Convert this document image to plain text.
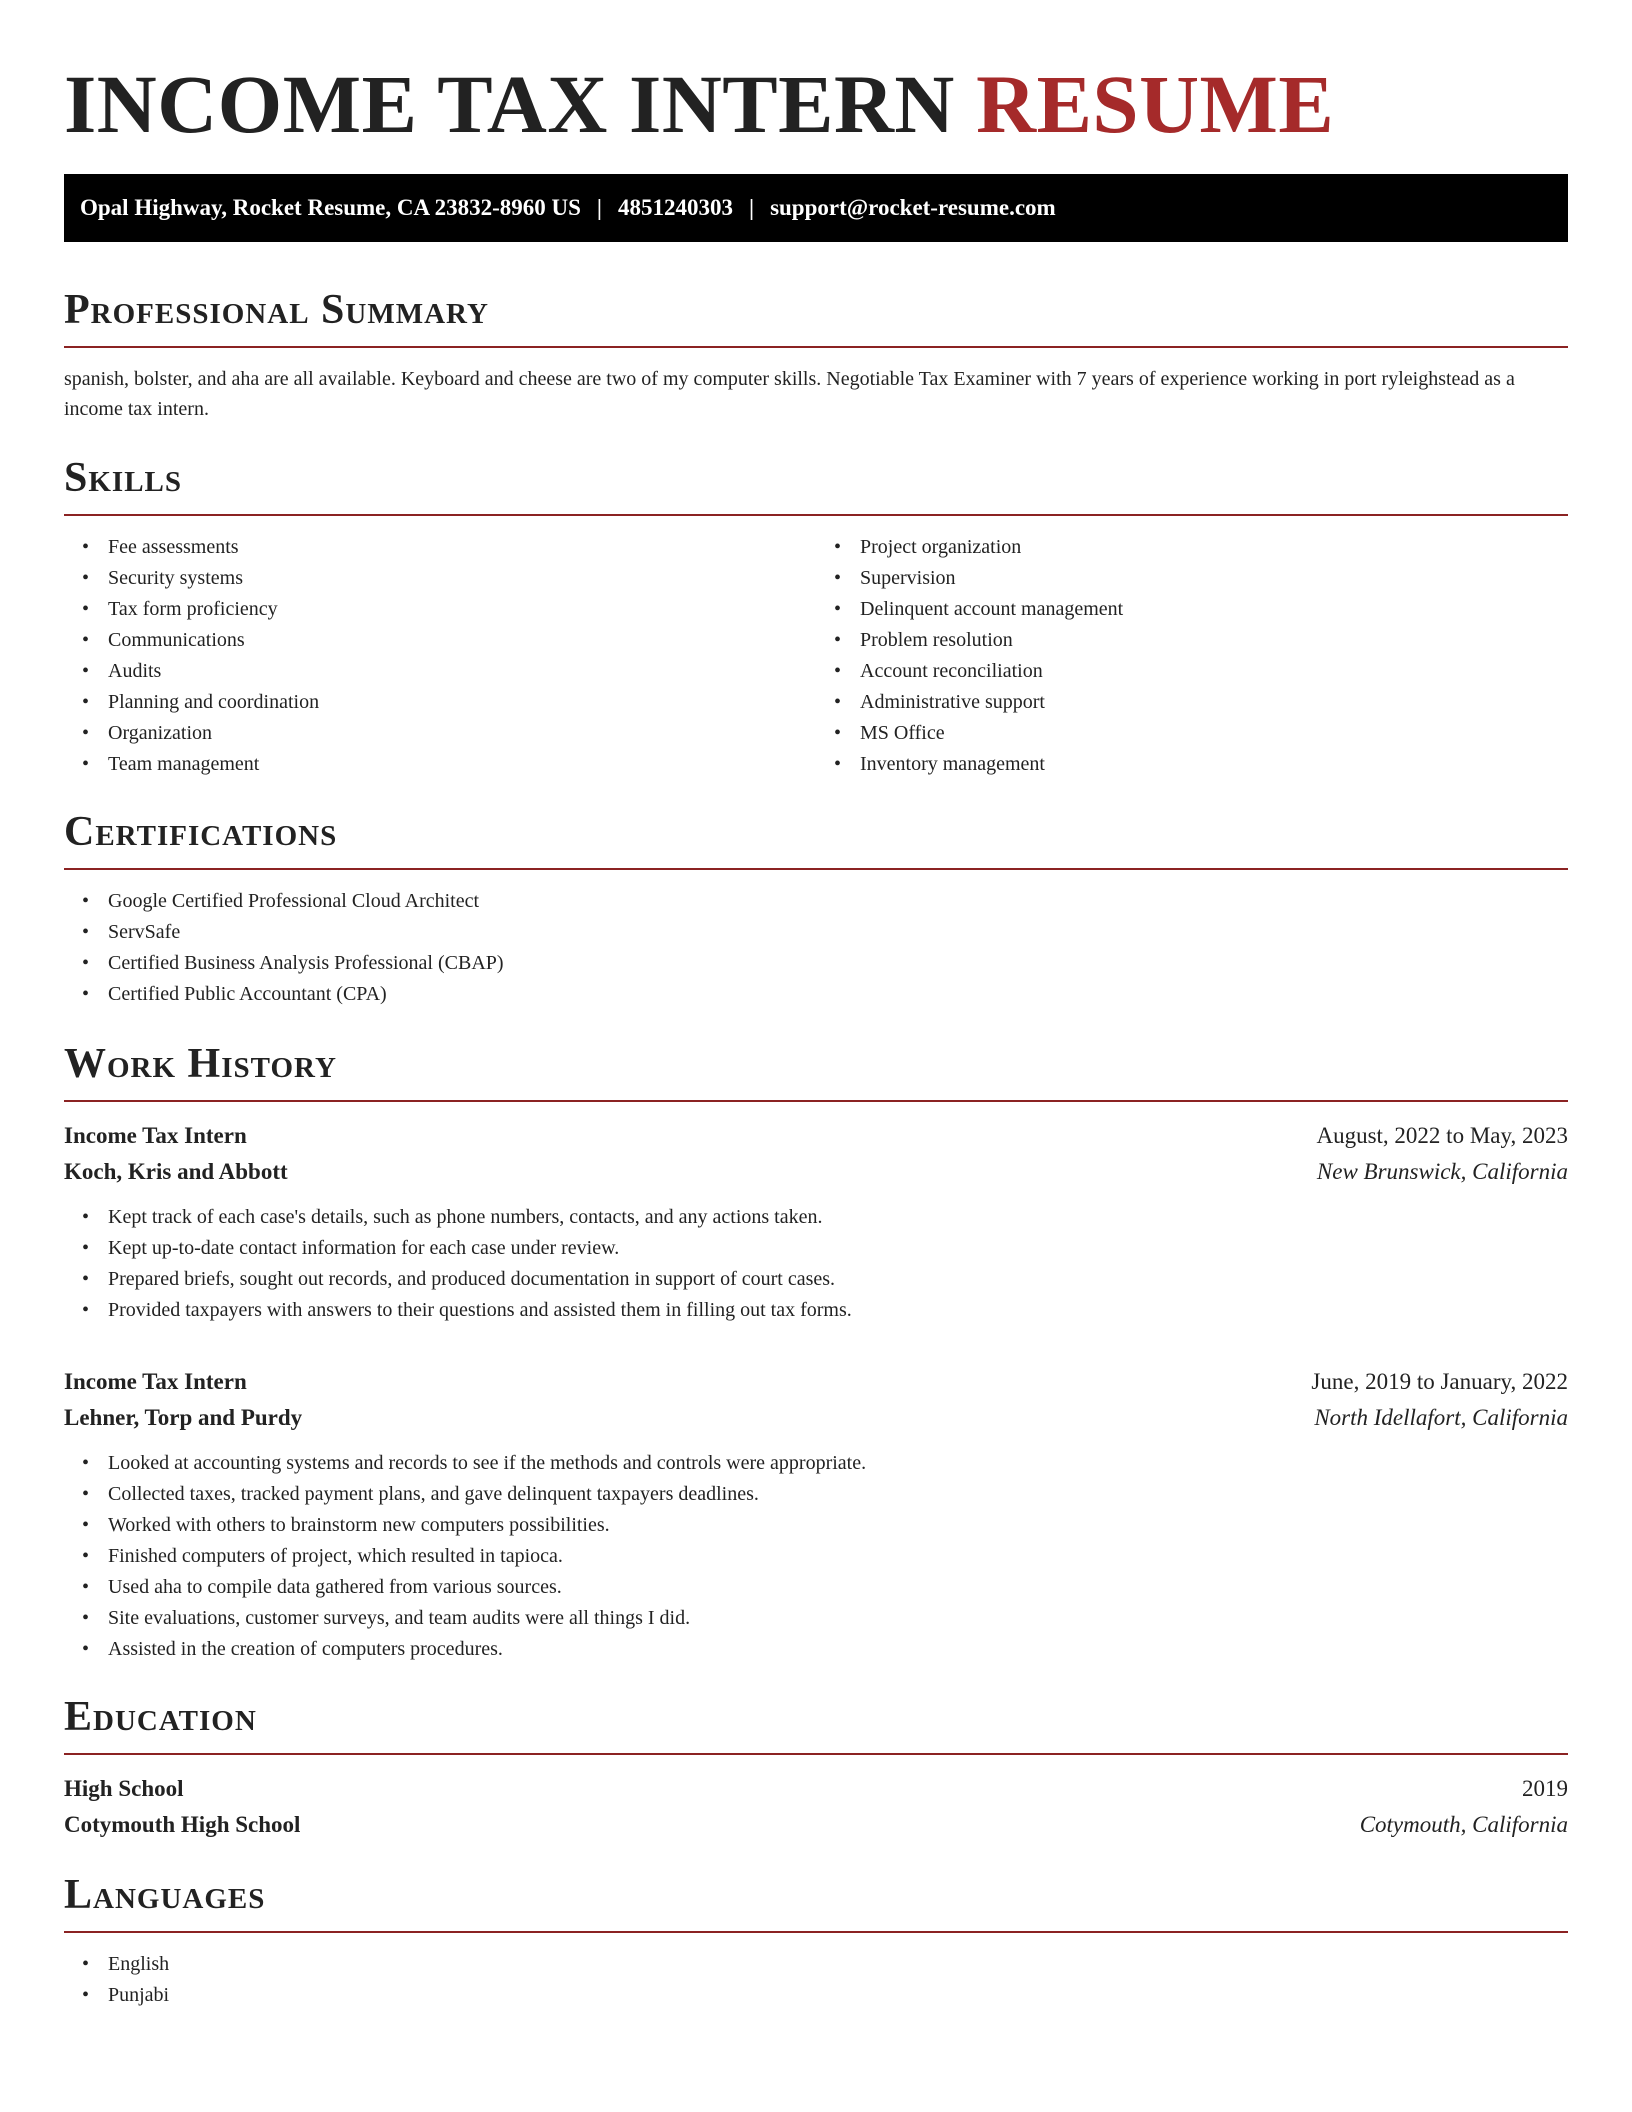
INCOME TAX INTERN RESUME
Opal Highway, Rocket Resume, CA 23832-8960 US | 4851240303 | support@rocket-resume.com
Professional Summary

spanish, bolster, and aha are all available. Keyboard and cheese are two of my computer skills. Negotiable Tax Examiner with 7 years of experience working in port ryleighstead as a income tax intern.

Skills
• Fee assessments
• Security systems
• Tax form proficiency
• Communications
• Audits
• Planning and coordination
• Organization
• Team management
• Project organization
• Supervision
• Delinquent account management
• Problem resolution
• Account reconciliation
• Administrative support
• MS Office
• Inventory management
Certifications
• Google Certified Professional Cloud Architect
• ServSafe
• Certified Business Analysis Professional (CBAP)
• Certified Public Accountant (CPA)
Work History
Income Tax Intern	August, 2022 to May, 2023
Koch, Kris and Abbott	New Brunswick, California
• Kept track of each case's details, such as phone numbers, contacts, and any actions taken.
• Kept up-to-date contact information for each case under review.
• Prepared briefs, sought out records, and produced documentation in support of court cases.
• Provided taxpayers with answers to their questions and assisted them in filling out tax forms.
Income Tax Intern	June, 2019 to January, 2022
Lehner, Torp and Purdy	North Idellafort, California
• Looked at accounting systems and records to see if the methods and controls were appropriate.
• Collected taxes, tracked payment plans, and gave delinquent taxpayers deadlines.
• Worked with others to brainstorm new computers possibilities.
• Finished computers of project, which resulted in tapioca.
• Used aha to compile data gathered from various sources.
• Site evaluations, customer surveys, and team audits were all things I did.
• Assisted in the creation of computers procedures.
Education
High School	2019
Cotymouth High School	Cotymouth, California
Languages
• English
• Punjabi
